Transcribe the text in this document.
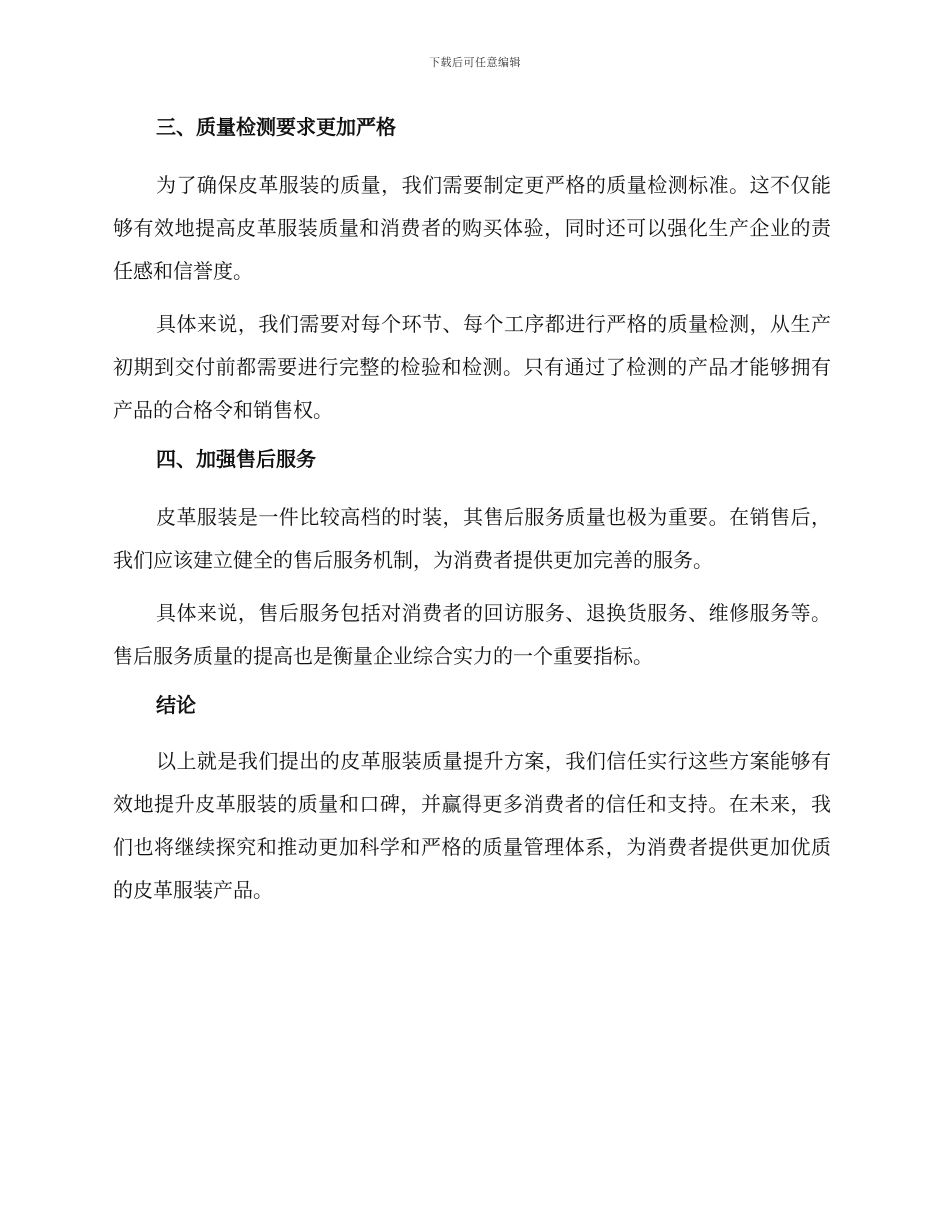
下载后可任意编辑
三、质量检测要求更加严格

为了确保皮革服装的质量，我们需要制定更严格的质量检测标准。这不仅能够有效地提高皮革服装质量和消费者的购买体验，同时还可以强化生产企业的责任感和信誉度。

具体来说，我们需要对每个环节、每个工序都进行严格的质量检测，从生产初期到交付前都需要进行完整的检验和检测。只有通过了检测的产品才能够拥有产品的合格令和销售权。

四、加强售后服务

皮革服装是一件比较高档的时装，其售后服务质量也极为重要。在销售后，我们应该建立健全的售后服务机制，为消费者提供更加完善的服务。

具体来说，售后服务包括对消费者的回访服务、退换货服务、维修服务等。售后服务质量的提高也是衡量企业综合实力的一个重要指标。

结论

以上就是我们提出的皮革服装质量提升方案，我们信任实行这些方案能够有效地提升皮革服装的质量和口碑，并赢得更多消费者的信任和支持。在未来，我们也将继续探究和推动更加科学和严格的质量管理体系，为消费者提供更加优质的皮革服装产品。
